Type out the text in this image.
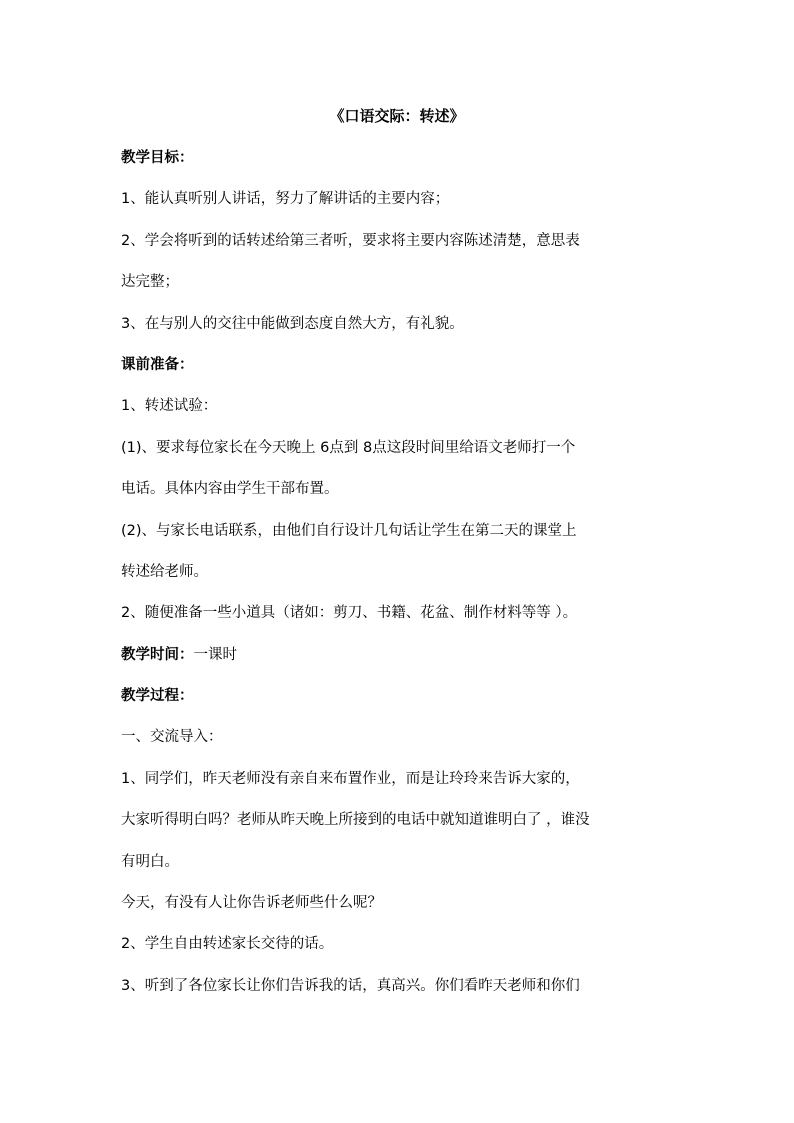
《口语交际：转述》
教学目标：
1、能认真听别人讲话，努力了解讲话的主要内容；
2、学会将听到的话转述给第三者听，要求将主要内容陈述清楚，意思表
达完整；
3、在与别人的交往中能做到态度自然大方，有礼貌。
课前准备：
1、转述试验：
(1)、要求每位家长在今天晚上 6点到 8点这段时间里给语文老师打一个
电话。具体内容由学生干部布置。
(2)、与家长电话联系，由他们自行设计几句话让学生在第二天的课堂上
转述给老师。
2、随便准备一些小道具（诸如：剪刀、书籍、花盆、制作材料等等 ）。
教学时间：一课时
教学过程：
一、交流导入：
1、同学们，昨天老师没有亲自来布置作业，而是让玲玲来告诉大家的，
大家听得明白吗？老师从昨天晚上所接到的电话中就知道谁明白了 ，谁没
有明白。
今天，有没有人让你告诉老师些什么呢？
2、学生自由转述家长交待的话。
3、听到了各位家长让你们告诉我的话，真高兴。你们看昨天老师和你们
